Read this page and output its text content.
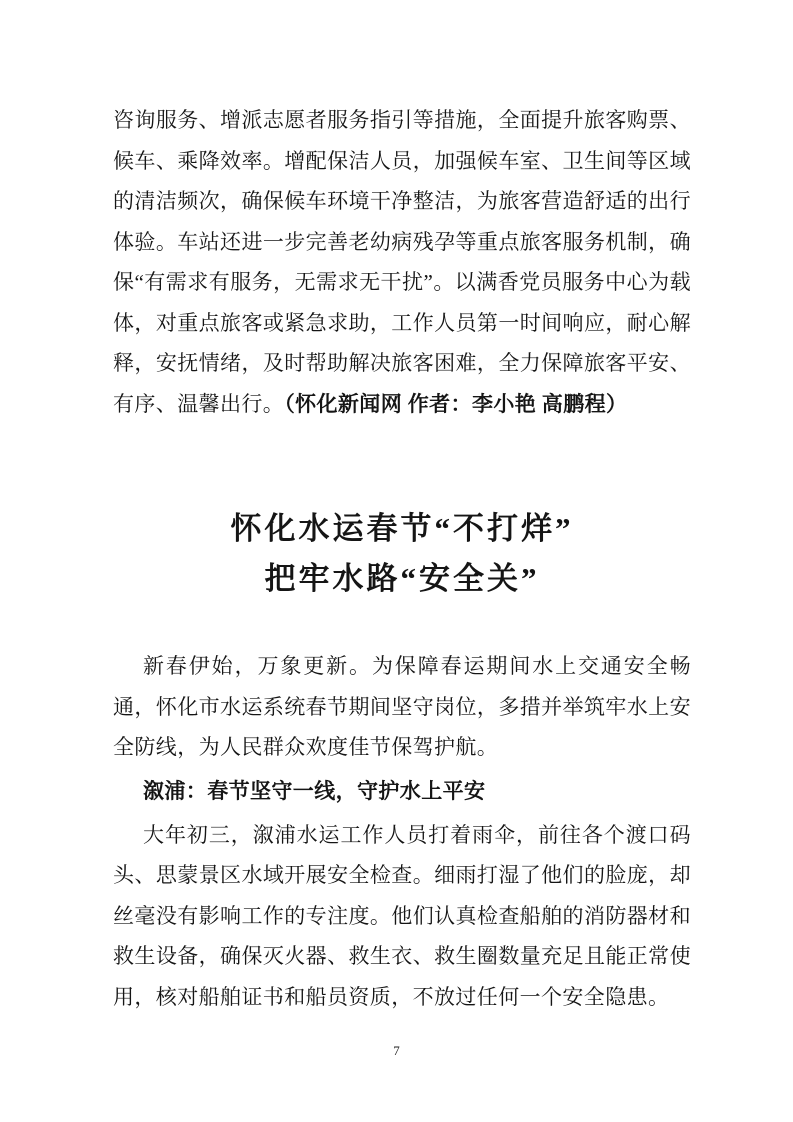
咨询服务、增派志愿者服务指引等措施，全面提升旅客购票、候车、乘降效率。增配保洁人员，加强候车室、卫生间等区域的清洁频次，确保候车环境干净整洁，为旅客营造舒适的出行体验。车站还进一步完善老幼病残孕等重点旅客服务机制，确保“有需求有服务，无需求无干扰”。以满香党员服务中心为载体，对重点旅客或紧急求助，工作人员第一时间响应，耐心解释，安抚情绪，及时帮助解决旅客困难，全力保障旅客平安、有序、温馨出行。（怀化新闻网 作者：李小艳 高鹏程）

怀化水运春节“不打烊”
把牢水路“安全关”

新春伊始，万象更新。为保障春运期间水上交通安全畅通，怀化市水运系统春节期间坚守岗位，多措并举筑牢水上安全防线，为人民群众欢度佳节保驾护航。

溆浦：春节坚守一线，守护水上平安

大年初三，溆浦水运工作人员打着雨伞，前往各个渡口码头、思蒙景区水域开展安全检查。细雨打湿了他们的脸庞，却丝毫没有影响工作的专注度。他们认真检查船舶的消防器材和救生设备，确保灭火器、救生衣、救生圈数量充足且能正常使用，核对船舶证书和船员资质，不放过任何一个安全隐患。

7
